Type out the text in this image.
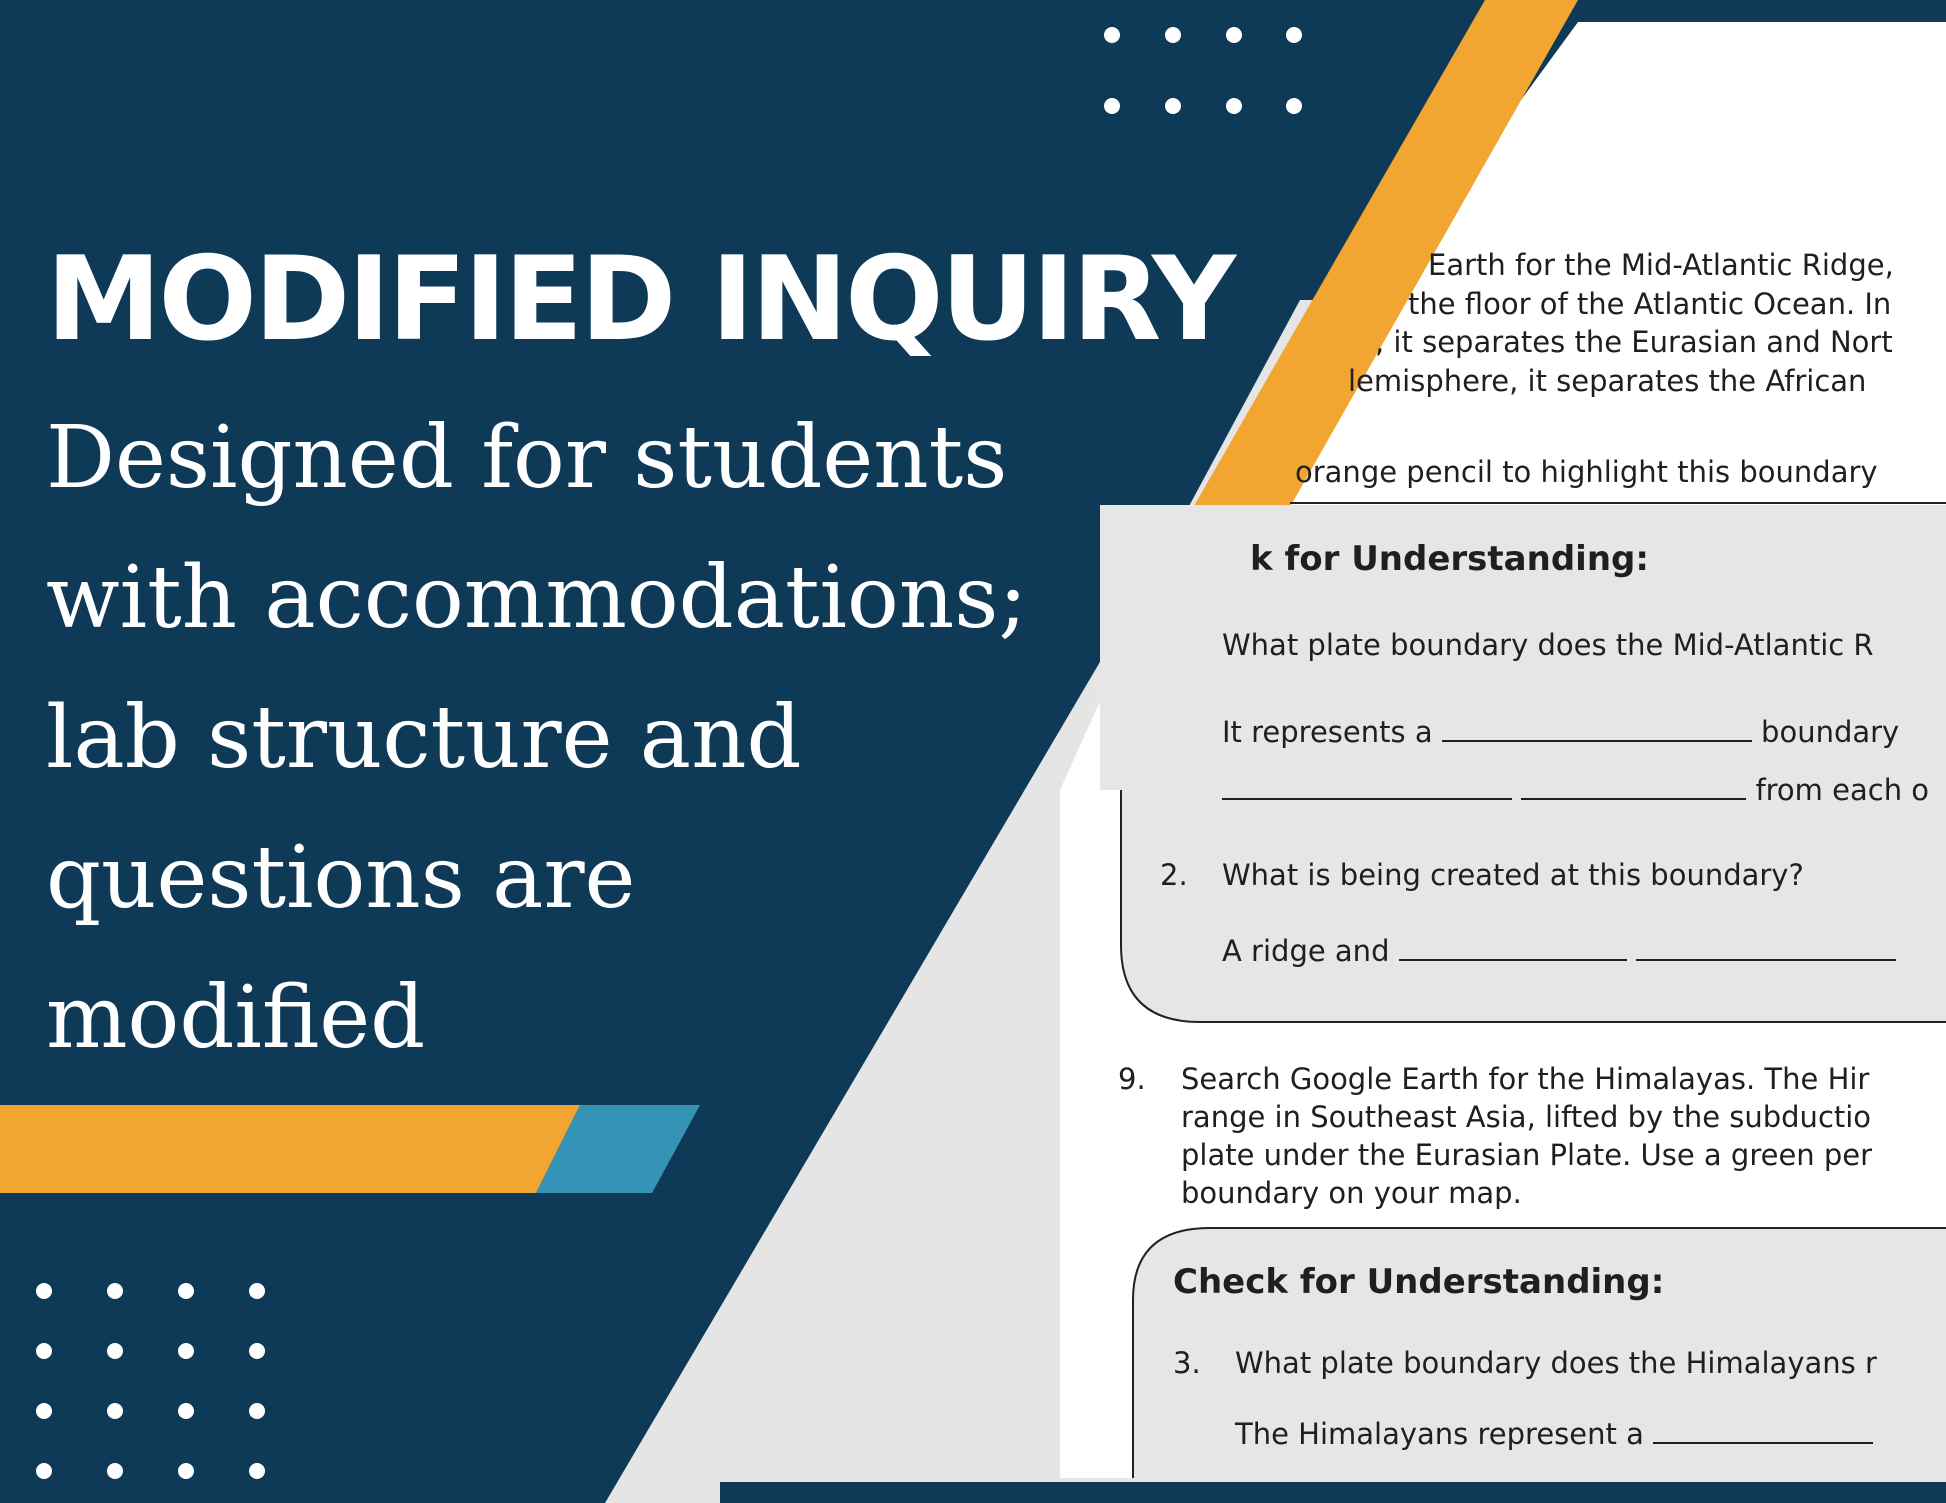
MODIFIED INQUIRY
Designed for students
with accommodations;
lab structure and
questions are
modified
Earth for the Mid-Atlantic Ridge,
the floor of the Atlantic Ocean. In
, it separates the Eurasian and Nort
lemisphere, it separates the African
orange pencil to highlight this boundary
k for Understanding:
What plate boundary does the Mid-Atlantic R
It represents a	boundary
from each o
2. What is being created at this boundary?
A ridge and
9. Search Google Earth for the Himalayas. The Hir
range in Southeast Asia, lifted by the subductio
plate under the Eurasian Plate. Use a green per
boundary on your map.
Check for Understanding:
3. What plate boundary does the Himalayans r
The Himalayans represent a
